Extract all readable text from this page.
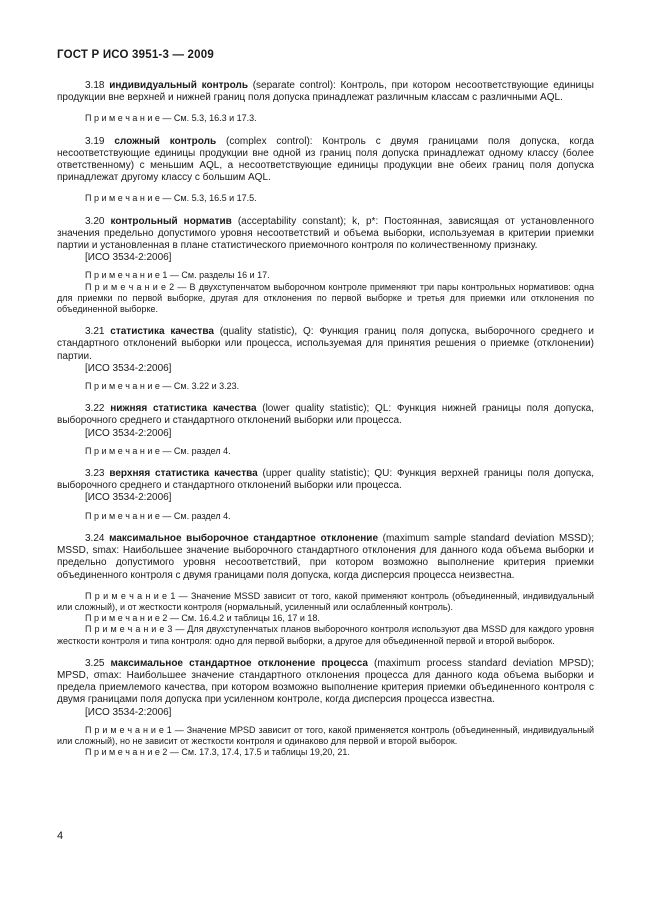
ГОСТ Р ИСО 3951-3 — 2009

3.18 индивидуальный контроль (separate control): Контроль, при котором несоответствующие единицы продукции вне верхней и нижней границ поля допуска принадлежат различным классам с различными AQL.

П р и м е ч а н и е — См. 5.3, 16.3 и 17.3.

3.19 сложный контроль (complex control): Контроль с двумя границами поля допуска, когда несоответствующие единицы продукции вне одной из границ поля допуска принадлежат одному классу (более ответственному) с меньшим AQL, а несоответствующие единицы продукции вне обеих границ поля допуска принадлежат другому классу с большим AQL.

П р и м е ч а н и е — См. 5.3, 16.5 и 17.5.

3.20 контрольный норматив (acceptability constant); k, p*: Постоянная, зависящая от установленного значения предельно допустимого уровня несоответствий и объема выборки, используемая в критерии приемки партии и установленная в плане статистического приемочного контроля по количественному признаку.

[ИСО 3534-2:2006]

П р и м е ч а н и е 1 — См. разделы 16 и 17.

П р и м е ч а н и е 2 — В двухступенчатом выборочном контроле применяют три пары контрольных нормативов: одна для приемки по первой выборке, другая для отклонения по первой выборке и третья для приемки или отклонения по объединенной выборке.

3.21 статистика качества (quality statistic), Q: Функция границ поля допуска, выборочного среднего и стандартного отклонений выборки или процесса, используемая для принятия решения о приемке (отклонении) партии.

[ИСО 3534-2:2006]

П р и м е ч а н и е — См. 3.22 и 3.23.

3.22 нижняя статистика качества (lower quality statistic); QL: Функция нижней границы поля допуска, выборочного среднего и стандартного отклонений выборки или процесса.

[ИСО 3534-2:2006]

П р и м е ч а н и е — См. раздел 4.

3.23 верхняя статистика качества (upper quality statistic); QU: Функция верхней границы поля допуска, выборочного среднего и стандартного отклонений выборки или процесса.

[ИСО 3534-2:2006]

П р и м е ч а н и е — См. раздел 4.

3.24 максимальное выборочное стандартное отклонение (maximum sample standard deviation MSSD); MSSD, smax: Наибольшее значение выборочного стандартного отклонения для данного кода объема выборки и предельно допустимого уровня несоответствий, при котором возможно выполнение критерия приемки объединенного контроля с двумя границами поля допуска, когда дисперсия процесса неизвестна.

П р и м е ч а н и е 1 — Значение MSSD зависит от того, какой применяют контроль (объединенный, индивидуальный или сложный), и от жесткости контроля (нормальный, усиленный или ослабленный контроль).

П р и м е ч а н и е 2 — См. 16.4.2 и таблицы 16, 17 и 18.

П р и м е ч а н и е 3 — Для двухступенчатых планов выборочного контроля используют два MSSD для каждого уровня жесткости контроля и типа контроля: одно для первой выборки, а другое для объединенной первой и второй выборок.

3.25 максимальное стандартное отклонение процесса (maximum process standard deviation MPSD); MPSD, σmax: Наибольшее значение стандартного отклонения процесса для данного кода объема выборки и предела приемлемого качества, при котором возможно выполнение критерия приемки объединенного контроля с двумя границами поля допуска при усиленном контроле, когда дисперсия процесса известна.

[ИСО 3534-2:2006]

П р и м е ч а н и е 1 — Значение MPSD зависит от того, какой применяется контроль (объединенный, индивидуальный или сложный), но не зависит от жесткости контроля и одинаково для первой и второй выборок.

П р и м е ч а н и е 2 — См. 17.3, 17.4, 17.5 и таблицы 19,20, 21.

4
